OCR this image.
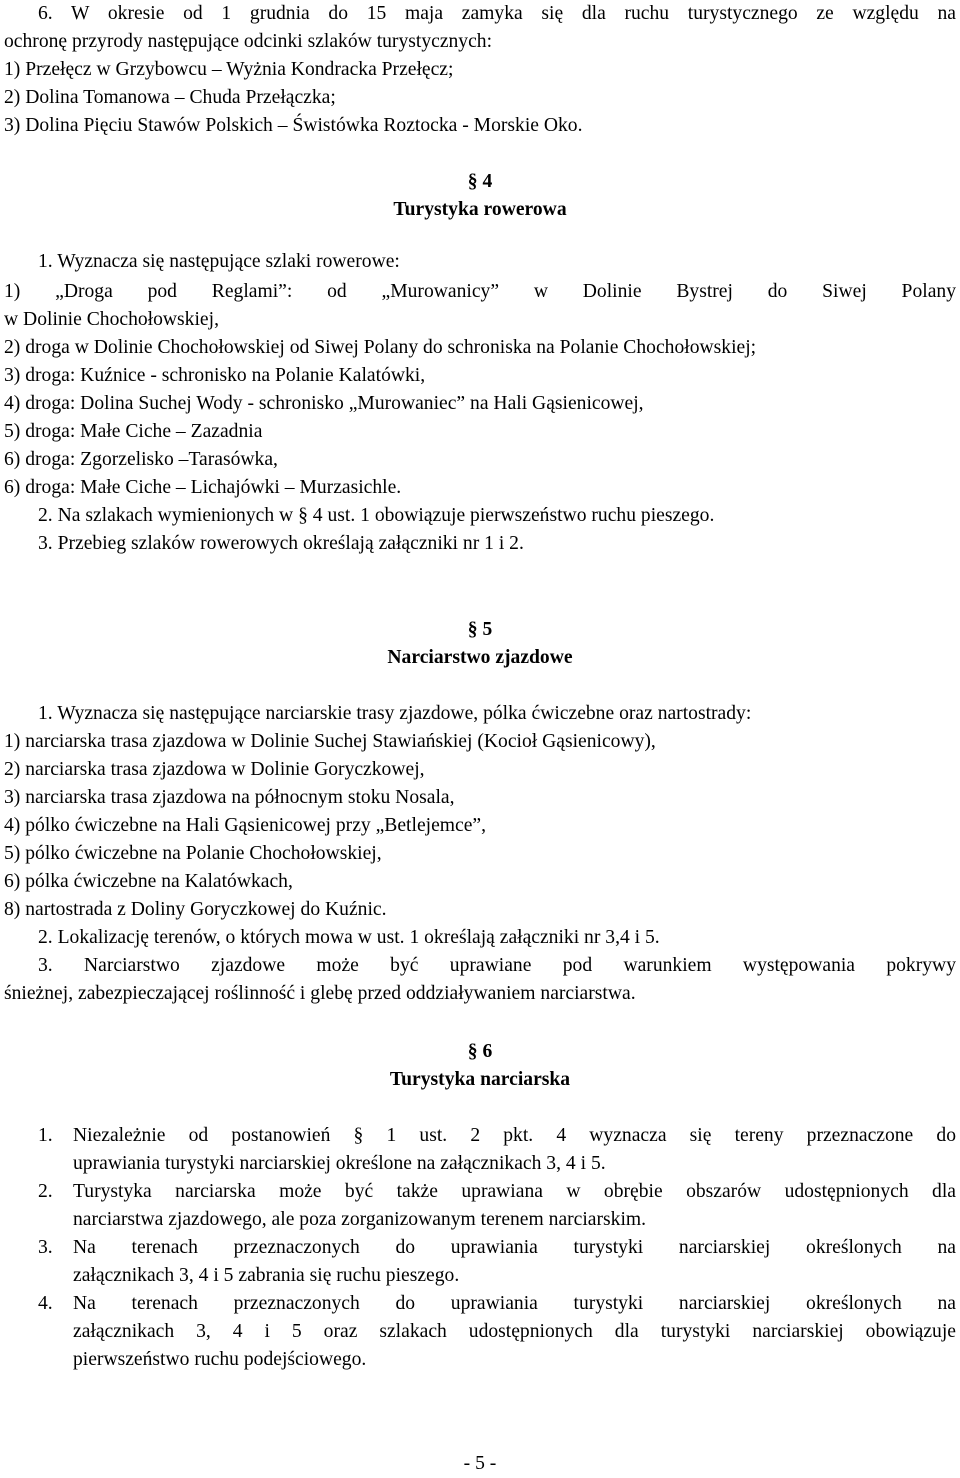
6. W okresie od 1 grudnia do 15 maja zamyka się dla ruchu turystycznego ze względu na

ochronę przyrody następujące odcinki szlaków turystycznych:

1) Przełęcz w Grzybowcu – Wyżnia Kondracka Przełęcz;

2) Dolina Tomanowa – Chuda Przełączka;

3) Dolina Pięciu Stawów Polskich – Świstówka Roztocka - Morskie Oko.

§ 4

Turystyka rowerowa

1. Wyznacza się następujące szlaki rowerowe:

1) „Droga pod Reglami”: od „Murowanicy” w Dolinie Bystrej do Siwej Polany

w Dolinie Chochołowskiej,

2) droga w Dolinie Chochołowskiej od Siwej Polany do schroniska na Polanie Chochołowskiej;

3) droga: Kuźnice - schronisko na Polanie Kalatówki,

4) droga: Dolina Suchej Wody - schronisko „Murowaniec” na Hali Gąsienicowej,

5) droga: Małe Ciche – Zazadnia

6) droga: Zgorzelisko –Tarasówka,

6) droga: Małe Ciche – Lichajówki – Murzasichle.

2. Na szlakach wymienionych w § 4 ust. 1 obowiązuje pierwszeństwo ruchu pieszego.

3. Przebieg szlaków rowerowych określają załączniki nr 1 i 2.

§ 5

Narciarstwo zjazdowe

1. Wyznacza się następujące narciarskie trasy zjazdowe, pólka ćwiczebne oraz nartostrady:

1) narciarska trasa zjazdowa w Dolinie Suchej Stawiańskiej (Kocioł Gąsienicowy),

2) narciarska trasa zjazdowa w Dolinie Goryczkowej,

3) narciarska trasa zjazdowa na północnym stoku Nosala,

4) pólko ćwiczebne na Hali Gąsienicowej przy „Betlejemce”,

5) pólko ćwiczebne na Polanie Chochołowskiej,

6) pólka ćwiczebne na Kalatówkach,

8) nartostrada z Doliny Goryczkowej do Kuźnic.

2. Lokalizację terenów, o których mowa w ust. 1 określają załączniki nr 3,4 i 5.

3. Narciarstwo zjazdowe może być uprawiane pod warunkiem występowania pokrywy

śnieżnej, zabezpieczającej roślinność i glebę przed oddziaływaniem narciarstwa.

§ 6

Turystyka narciarska

1.	Niezależnie od postanowień § 1 ust. 2 pkt. 4 wyznacza się tereny przeznaczone do

uprawiania turystyki narciarskiej określone na załącznikach 3, 4 i 5.

2.	Turystyka narciarska może być także uprawiana w obrębie obszarów udostępnionych dla

narciarstwa zjazdowego, ale poza zorganizowanym terenem narciarskim.

3.	Na terenach przeznaczonych do uprawiania turystyki narciarskiej określonych na

załącznikach 3, 4 i 5 zabrania się ruchu pieszego.

4.	Na terenach przeznaczonych do uprawiania turystyki narciarskiej określonych na

załącznikach 3, 4 i 5 oraz szlakach udostępnionych dla turystyki narciarskiej obowiązuje

pierwszeństwo ruchu podejściowego.

- 5 -
